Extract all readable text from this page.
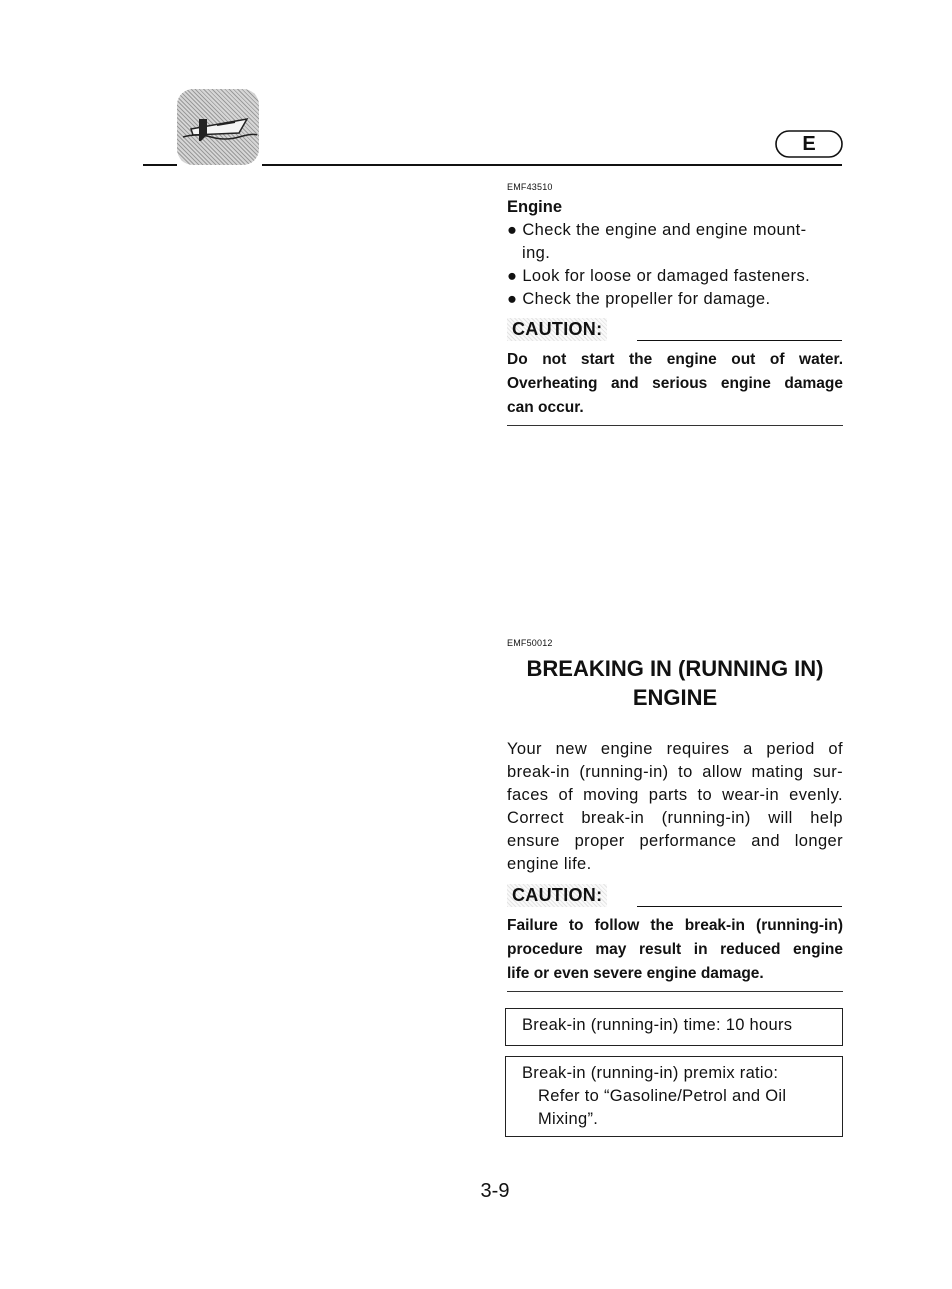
E
EMF43510
Engine
● Check the engine and engine mount-
ing.
● Look for loose or damaged fasteners.
● Check the propeller for damage.
CAUTION:
Do not start the engine out of water.
Overheating and serious engine damage
can occur.
EMF50012
BREAKING IN (RUNNING IN)
ENGINE
Your new engine requires a period of
break-in (running-in) to allow mating sur-
faces of moving parts to wear-in evenly.
Correct break-in (running-in) will help
ensure proper performance and longer
engine life.
CAUTION:
Failure to follow the break-in (running-in)
procedure may result in reduced engine
life or even severe engine damage.
Break-in (running-in) time: 10 hours
Break-in (running-in) premix ratio:
Refer to “Gasoline/Petrol and Oil
Mixing”.
3-9
